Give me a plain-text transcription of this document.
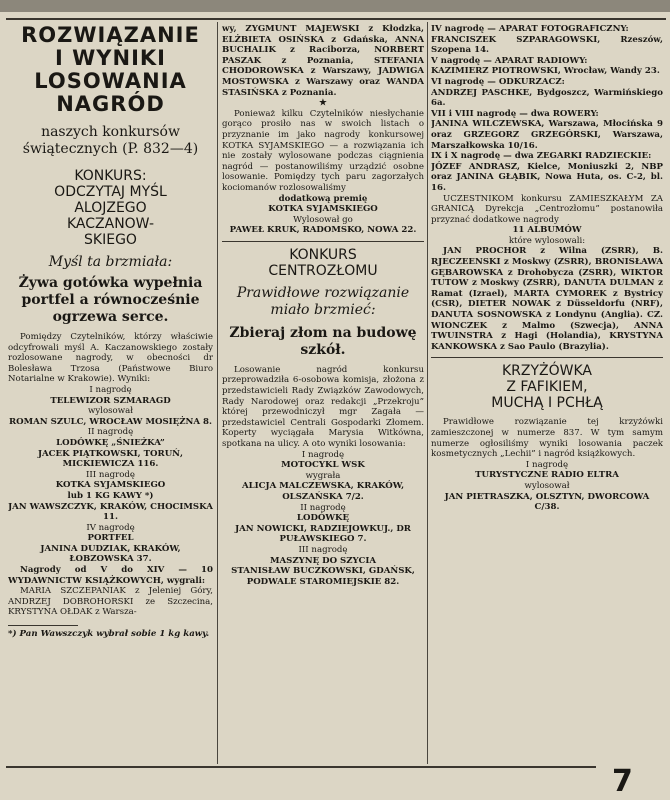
ROZWIĄZANIE

I WYNIKI

LOSOWANIA

NAGRÓD

naszych konkursów świątecznych (P. 832—4)

KONKURS:

ODCZYTAJ MYŚL

ALOJZEGO

KACZANOW-

SKIEGO

Myśl ta brzmiała:

Żywa gotówka wypełnia portfel a równocześnie ogrzewa serce.

Pomiędzy Czytelników, którzy właściwie odcyfrowali myśl A. Kaczanowskiego zostały rozlosowane nagrody, w obecności dr Bolesława Trzosa (Państwowe Biuro Notarialne w Krakowie). Wyniki:

I nagrodę

TELEWIZOR SZMARAGD

wylosował

ROMAN SZULC, WROCŁAW MOSIĘŻNA 8.

II nagrodę

LODÓWKĘ „ŚNIEŻKA”

JACEK PIĄTKOWSKI, TORUŃ, MICKIEWICZA 116.

III nagrodę

KOTKA SYJAMSKIEGO

lub 1 KG KAWY *)

JAN WAWSZCZYK, KRAKÓW, CHOCIMSKA 11.

IV nagrodę

PORTFEL

JANINA DUDZIAK, KRAKÓW, ŁOBZOWSKA 37.

Nagrody od V do XIV — 10 WYDAWNICTW KSIĄŻKOWYCH, wygrali:

MARIA SZCZEPANIAK z Jeleniej Góry, ANDRZEJ DOBROHORSKI ze Szczecina, KRYSTYNA OŁDAK z Warsza-

*) Pan Wawszczyk wybrał sobie 1 kg kawy.

wy, ZYGMUNT MAJEWSKI z Kłodzka, ELŻBIETA OSIŃSKA z Gdańska, ANNA BUCHALIK z Raciborza, NORBERT PASZAK z Poznania, STEFANIA CHODOROWSKA z Warszawy, JADWIGA MOSTOWSKA z Warszawy oraz WANDA STASIŃSKA z Poznania.

★

Ponieważ kilku Czytelników niesłychanie gorąco prosiło nas w swoich listach o przyznanie im jako nagrody konkursowej KOTKA SYJAMSKIEGO — a rozwiązania ich nie zostały wylosowane podczas ciągnienia nagród — postanowiliśmy urządzić osobne losowanie. Pomiędzy tych paru zagorzałych kociomanów rozlosowaliśmy

dodatkową premię

KOTKA SYJAMSKIEGO

Wylosował go

PAWEŁ KRUK, RADOMSKO, NOWA 22.

KONKURS

CENTROZŁOMU

Prawidłowe rozwiązanie miało brzmieć:

Zbieraj złom na budowę szkół.

Losowanie nagród konkursu przeprowadziła 6-osobowa komisja, złożona z przedstawicieli Rady Związków Zawodowych, Rady Narodowej oraz redakcji „Przekroju” której przewodniczył mgr Zagała — przedstawiciel Centrali Gospodarki Złomem. Koperty wyciągała Marysia Witkówna, spotkana na ulicy. A oto wyniki losowania:

I nagrodę

MOTOCYKL WSK

wygrała

ALICJA MALCZEWSKA, KRAKÓW, OLSZAŃSKA 7/2.

II nagrodę

LODÓWKĘ

JAN NOWICKI, RADZIEJOWKUJ., DR PUŁAWSKIEGO 7.

III nagrodę

MASZYNĘ DO SZYCIA

STANISŁAW BUCZKOWSKI, GDAŃSK, PODWALE STAROMIEJSKIE 82.

IV nagrodę — APARAT FOTOGRAFICZNY:

FRANCISZEK SZPARAGOWSKI, Rzeszów, Szopena 14.

V nagrodę — APARAT RADIOWY:

KAZIMIERZ PIOTROWSKI, Wrocław, Wandy 23.

VI nagrodę — ODKURZACZ:

ANDRZEJ PASCHKE, Bydgoszcz, Warmińskiego 6a.

VII i VIII nagrodę — dwa ROWERY:

JANINA WILCZEWSKA, Warszawa, Młocińska 9 oraz GRZEGORZ GRZEGÓRSKI, Warszawa, Marszałkowska 10/16.

IX i X nagrodę — dwa ZEGARKI RADZIECKIE:

JÓZEF ANDRASZ, Kielce, Moniuszki 2, NBP oraz JANINA GŁĄBIK, Nowa Huta, os. C-2, bl. 16.

UCZESTNIKOM konkursu ZAMIESZKAŁYM ZA GRANICĄ Dyrekcja „Centrozłomu” postanowiła przyznać dodatkowe nagrody

11 ALBUMÓW

które wylosowali:

JAN PROCHOR z Wilna (ZSRR), B. RJECZEENSKI z Moskwy (ZSRR), BRONISŁAWA GĘBAROWSKA z Drohobycza (ZSRR), WIKTOR TUTOW z Moskwy (ZSRR), DANUTA DULMAN z Ramat (Izrael), MARTA CYMOREK z Bystricy (CSR), DIETER NOWAK z Düsseldorfu (NRF), DANUTA SOSNOWSKA z Londynu (Anglia). CZ. WIONCZEK z Malmo (Szwecja), ANNA TWUINSTRA z Hagi (Holandia), KRYSTYNA KANKOWSKA z Sao Paulo (Brazylia).

KRZYŻÓWKA

Z FAFIKIEM,

MUCHĄ I PCHŁĄ

Prawidłowe rozwiązanie tej krzyżówki zamieszczonej w numerze 837. W tym samym numerze ogłosiliśmy wyniki losowania paczek kosmetycznych „Lechii” i nagród książkowych.

I nagrodę

TURYSTYCZNE RADIO ELTRA

wylosował

JAN PIETRASZKA, OLSZTYN, DWORCOWA C/38.

7
